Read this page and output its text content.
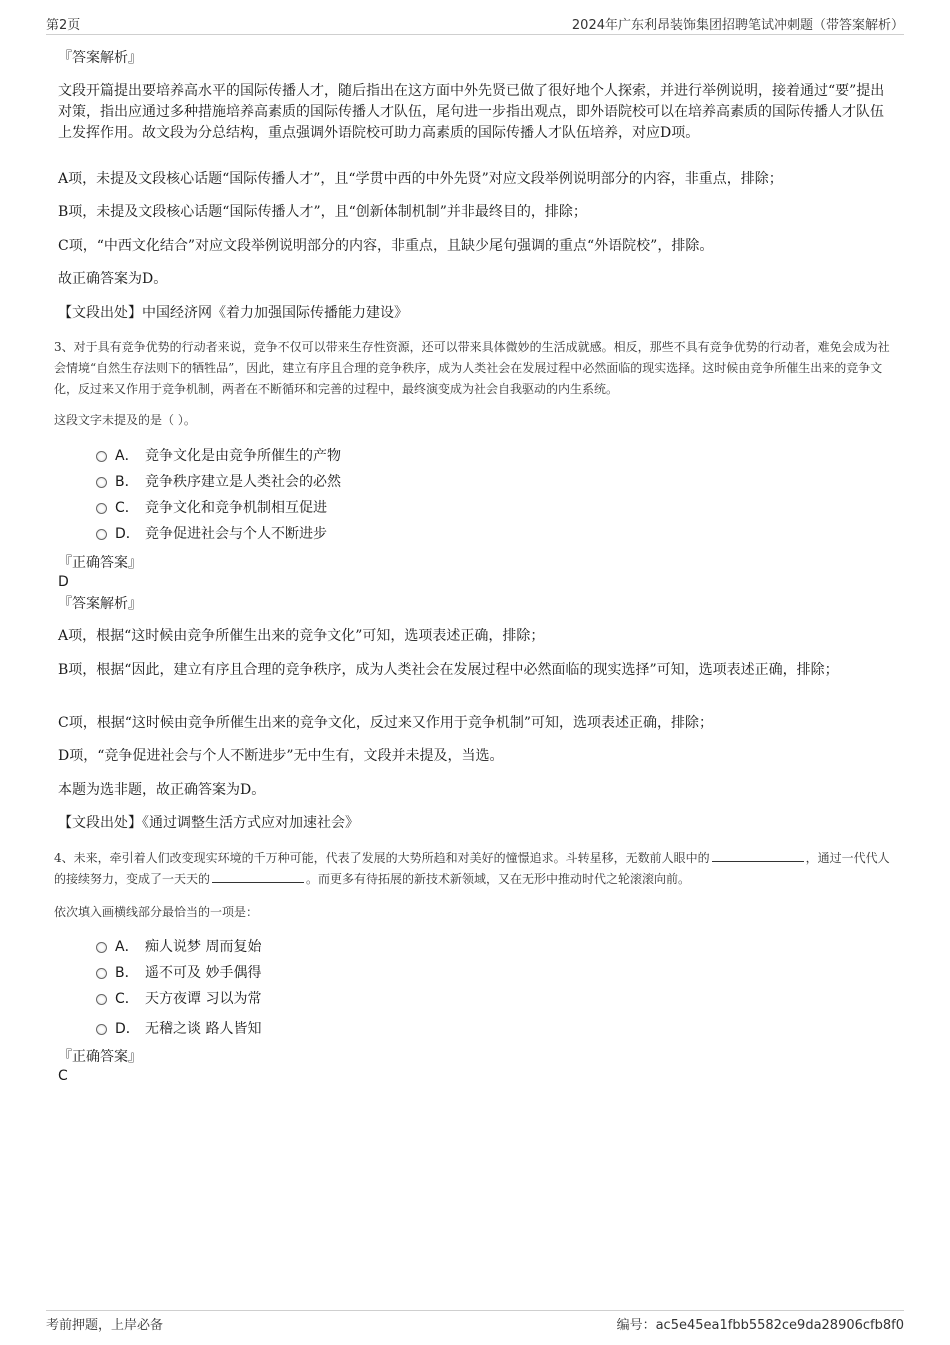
第2页	2024年广东利昂装饰集团招聘笔试冲刺题（带答案解析）
『答案解析』
文段开篇提出要培养高水平的国际传播人才，随后指出在这方面中外先贤已做了很好地个人探索，并进行举例说明，接着通过“要”提出对策，指出应通过多种措施培养高素质的国际传播人才队伍，尾句进一步指出观点，即外语院校可以在培养高素质的国际传播人才队伍上发挥作用。故文段为分总结构，重点强调外语院校可助力高素质的国际传播人才队伍培养，对应D项。
A项，未提及文段核心话题“国际传播人才”，且“学贯中西的中外先贤”对应文段举例说明部分的内容，非重点，排除；
B项，未提及文段核心话题“国际传播人才”，且“创新体制机制”并非最终目的，排除；
C项，“中西文化结合”对应文段举例说明部分的内容，非重点，且缺少尾句强调的重点“外语院校”，排除。
故正确答案为D。
【文段出处】中国经济网《着力加强国际传播能力建设》
3、对于具有竞争优势的行动者来说，竞争不仅可以带来生存性资源，还可以带来具体微妙的生活成就感。相反，那些不具有竞争优势的行动者，难免会成为社会情境“自然生存法则下的牺牲品”，因此，建立有序且合理的竞争秩序，成为人类社会在发展过程中必然面临的现实选择。这时候由竞争所催生出来的竞争文化，反过来又作用于竞争机制，两者在不断循环和完善的过程中，最终演变成为社会自我驱动的内生系统。
这段文字未提及的是（ ）。
A． 竞争文化是由竞争所催生的产物
B． 竞争秩序建立是人类社会的必然
C． 竞争文化和竞争机制相互促进
D． 竞争促进社会与个人不断进步
『正确答案』
D
『答案解析』
A项，根据“这时候由竞争所催生出来的竞争文化”可知，选项表述正确，排除；
B项，根据“因此，建立有序且合理的竞争秩序，成为人类社会在发展过程中必然面临的现实选择”可知，选项表述正确，排除；
C项，根据“这时候由竞争所催生出来的竞争文化，反过来又作用于竞争机制”可知，选项表述正确，排除；
D项，“竞争促进社会与个人不断进步”无中生有，文段并未提及，当选。
本题为选非题，故正确答案为D。
【文段出处】《通过调整生活方式应对加速社会》
4、未来，牵引着人们改变现实环境的千万种可能，代表了发展的大势所趋和对美好的憧憬追求。斗转星移，无数前人眼中的	，通过一代代人的接续努力，变成了一天天的	。而更多有待拓展的新技术新领域，又在无形中推动时代之轮滚滚向前。
依次填入画横线部分最恰当的一项是：
A． 痴人说梦 周而复始
B． 遥不可及 妙手偶得
C． 天方夜谭 习以为常
D． 无稽之谈 路人皆知
『正确答案』
C
考前押题，上岸必备	编号：ac5e45ea1fbb5582ce9da28906cfb8f0
